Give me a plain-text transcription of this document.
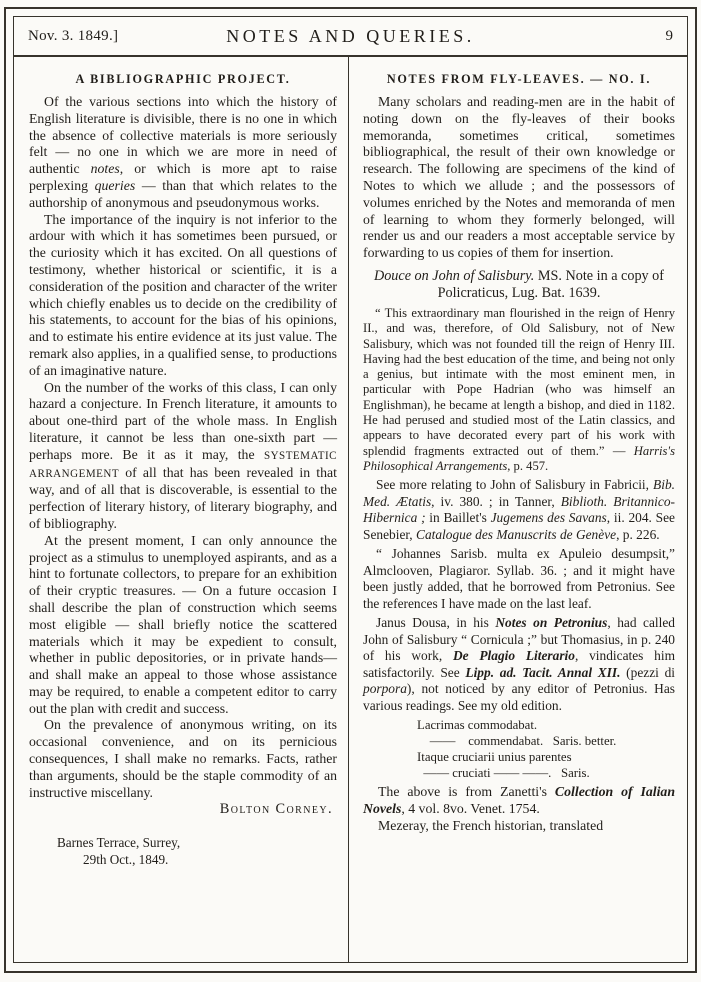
Nov. 3. 1849.]	NOTES AND QUERIES.	9
A BIBLIOGRAPHIC PROJECT.

Of the various sections into which the history of English literature is divisible, there is no one in which the absence of collective materials is more seriously felt — no one in which we are more in need of authentic notes, or which is more apt to raise perplexing queries — than that which relates to the authorship of anonymous and pseudonymous works.

The importance of the inquiry is not inferior to the ardour with which it has sometimes been pursued, or the curiosity which it has excited. On all questions of testimony, whether historical or scientific, it is a consideration of the position and character of the writer which chiefly enables us to decide on the credibility of his statements, to account for the bias of his opinions, and to estimate his entire evidence at its just value. The remark also applies, in a qualified sense, to productions of an imaginative nature.

On the number of the works of this class, I can only hazard a conjecture. In French literature, it amounts to about one-third part of the whole mass. In English literature, it cannot be less than one-sixth part — perhaps more. Be it as it may, the SYSTEMATIC ARRANGEMENT of all that has been revealed in that way, and of all that is discoverable, is essential to the perfection of literary history, of literary biography, and of bibliography.

At the present moment, I can only announce the project as a stimulus to unemployed aspirants, and as a hint to fortunate collectors, to prepare for an exhibition of their cryptic treasures. — On a future occasion I shall describe the plan of construction which seems most eligible — shall briefly notice the scattered materials which it may be expedient to consult, whether in public depositories, or in private hands—and shall make an appeal to those whose assistance may be required, to enable a competent editor to carry out the plan with credit and success.

On the prevalence of anonymous writing, on its occasional convenience, and on its pernicious consequences, I shall make no remarks. Facts, rather than arguments, should be the staple commodity of an instructive miscellany.

Bolton Corney.

Barnes Terrace, Surrey,
29th Oct., 1849.
NOTES FROM FLY-LEAVES. — NO. I.

Many scholars and reading-men are in the habit of noting down on the fly-leaves of their books memoranda, sometimes critical, sometimes bibliographical, the result of their own knowledge or research. The following are specimens of the kind of Notes to which we allude ; and the possessors of volumes enriched by the Notes and memoranda of men of learning to whom they formerly belonged, will render us and our readers a most acceptable service by forwarding to us copies of them for insertion.

Douce on John of Salisbury. MS. Note in a copy of Policraticus, Lug. Bat. 1639.

“ This extraordinary man flourished in the reign of Henry II., and was, therefore, of Old Salisbury, not of New Salisbury, which was not founded till the reign of Henry III. Having had the best education of the time, and being not only a genius, but intimate with the most eminent men, in particular with Pope Hadrian (who was himself an Englishman), he became at length a bishop, and died in 1182. He had perused and studied most of the Latin classics, and appears to have decorated every part of his work with splendid fragments extracted out of them.” — Harris's Philosophical Arrangements, p. 457.

See more relating to John of Salisbury in Fabricii, Bib. Med. Ætatis, iv. 380. ; in Tanner, Biblioth. Britannico-Hibernica ; in Baillet's Jugemens des Savans, ii. 204. See Senebier, Catalogue des Manuscrits de Genève, p. 226.

“ Johannes Sarisb. multa ex Apuleio desumpsit,” Almclooven, Plagiaror. Syllab. 36. ; and it might have been justly added, that he borrowed from Petronius. See the references I have made on the last leaf.

Janus Dousa, in his Notes on Petronius, had called John of Salisbury “ Cornicula ;” but Thomasius, in p. 240 of his work, De Plagio Literario, vindicates him satisfactorily. See Lipp. ad. Tacit. Annal XII. (pezzi di porpora), not noticed by any editor of Petronius. Has various readings. See my old edition.

Lacrimas commodabat.
——    commendabat.   Saris. better.
Itaque cruciarii unius parentes
—— cruciati —— ——.   Saris.

The above is from Zanetti's Collection of Ialian Novels, 4 vol. 8vo. Venet. 1754.

Mezeray, the French historian, translated
